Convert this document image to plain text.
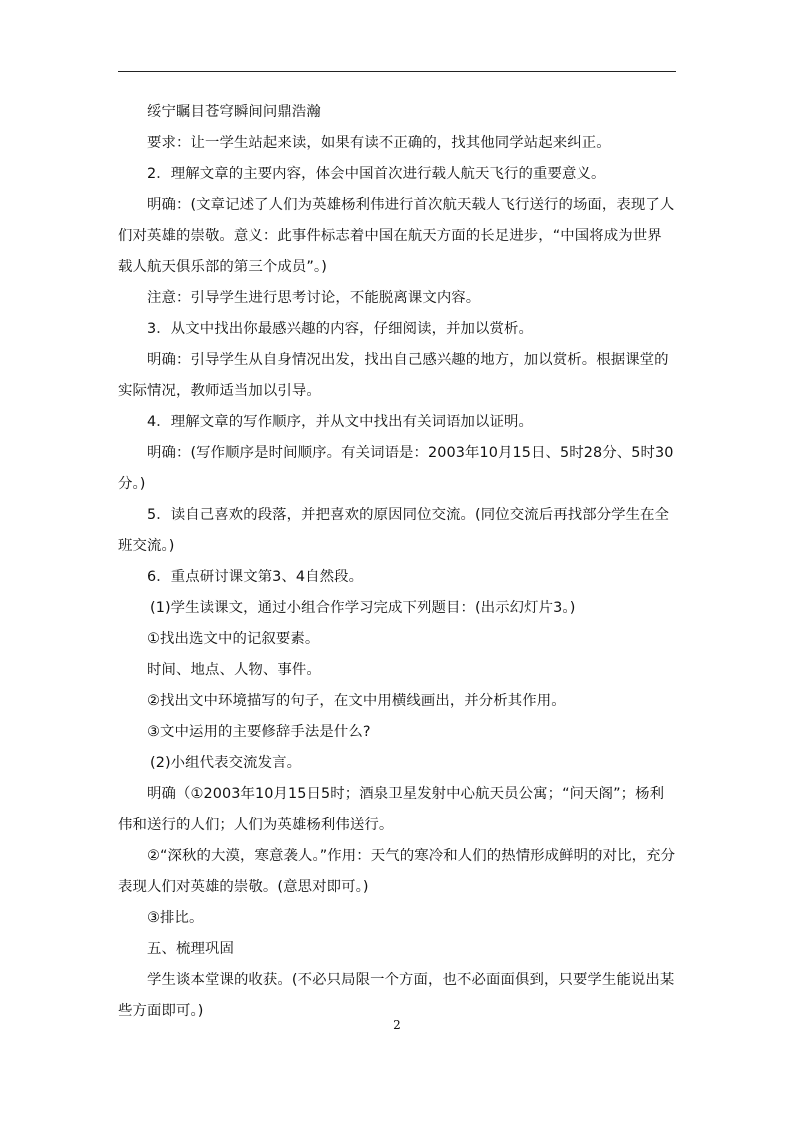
绥宁瞩目苍穹瞬间问鼎浩瀚

要求：让一学生站起来读，如果有读不正确的，找其他同学站起来纠正。

2．理解文章的主要内容，体会中国首次进行载人航天飞行的重要意义。

明确：(文章记述了人们为英雄杨利伟进行首次航天载人飞行送行的场面，表现了人们对英雄的崇敬。意义：此事件标志着中国在航天方面的长足进步，“中国将成为世界载人航天俱乐部的第三个成员”。)

注意：引导学生进行思考讨论，不能脱离课文内容。

3．从文中找出你最感兴趣的内容，仔细阅读，并加以赏析。

明确：引导学生从自身情况出发，找出自己感兴趣的地方，加以赏析。根据课堂的实际情况，教师适当加以引导。

4．理解文章的写作顺序，并从文中找出有关词语加以证明。

明确：(写作顺序是时间顺序。有关词语是：2003年10月15日、5时28分、5时30分。)

5．读自己喜欢的段落，并把喜欢的原因同位交流。(同位交流后再找部分学生在全班交流。)

6．重点研讨课文第3、4自然段。

(1)学生读课文，通过小组合作学习完成下列题目：(出示幻灯片3。)

①找出选文中的记叙要素。

时间、地点、人物、事件。

②找出文中环境描写的句子，在文中用横线画出，并分析其作用。

③文中运用的主要修辞手法是什么?

(2)小组代表交流发言。

明确（①2003年10月15日5时；酒泉卫星发射中心航天员公寓；“问天阁”；杨利伟和送行的人们；人们为英雄杨利伟送行。

②“深秋的大漠，寒意袭人。”作用：天气的寒冷和人们的热情形成鲜明的对比，充分表现人们对英雄的崇敬。(意思对即可。)

③排比。

五、梳理巩固

学生谈本堂课的收获。(不必只局限一个方面，也不必面面俱到，只要学生能说出某些方面即可。)

2
